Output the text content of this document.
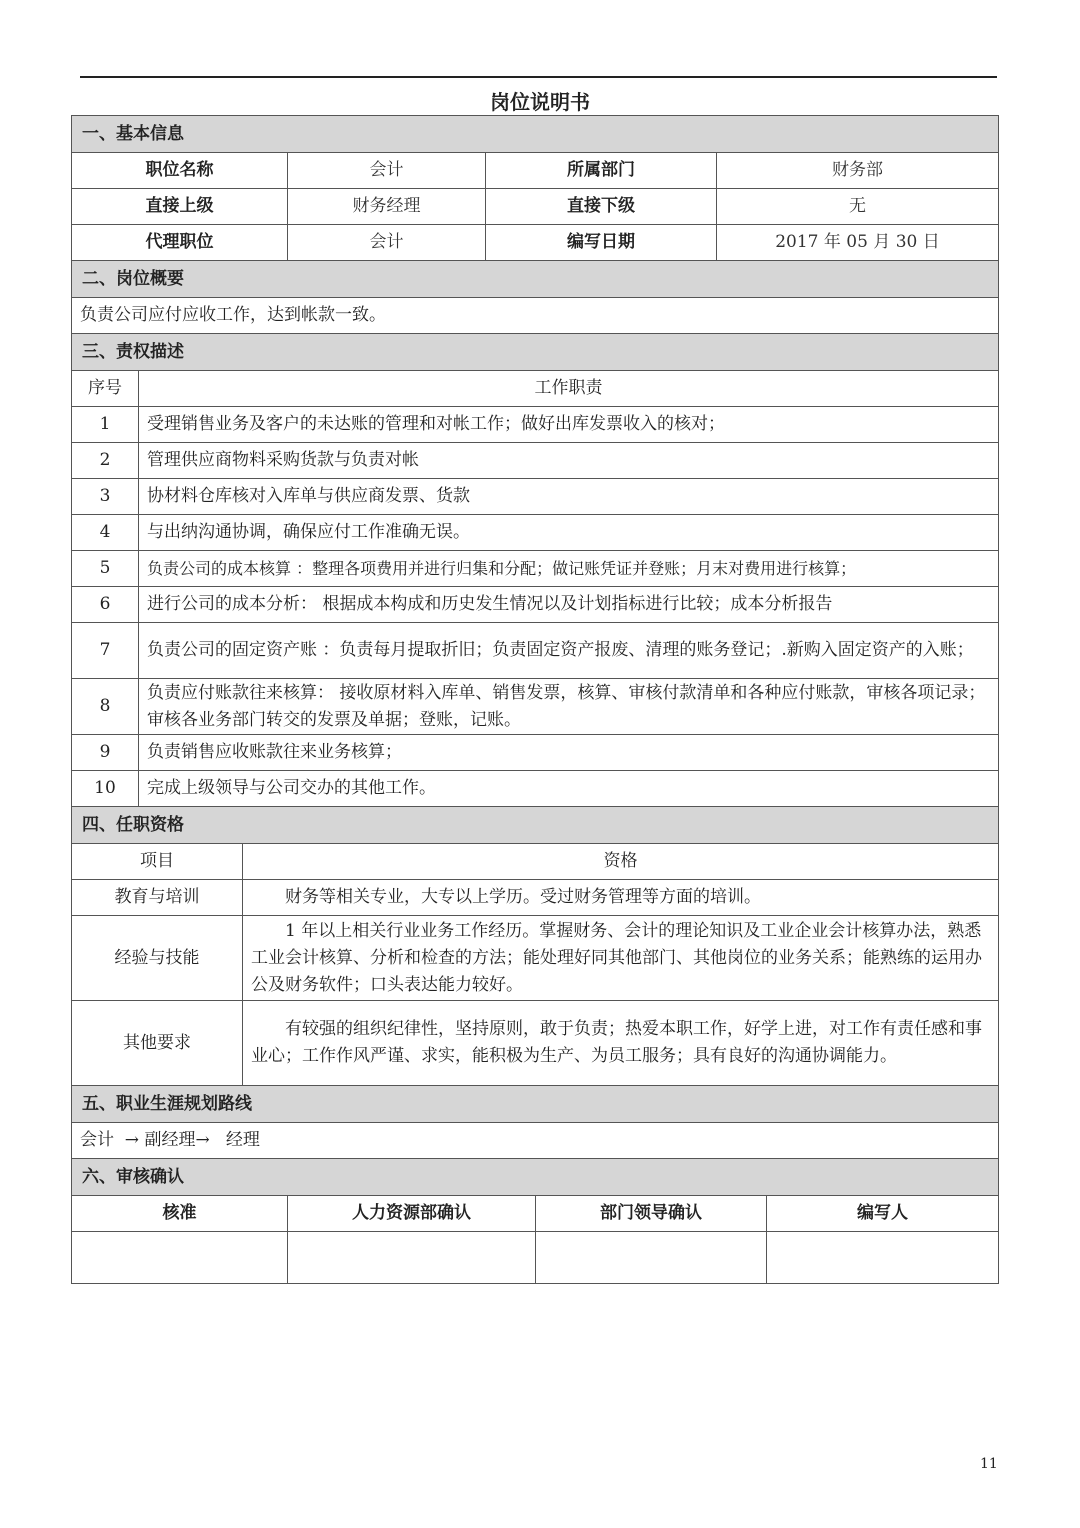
岗位说明书
一、基本信息							
职位名称			会计	所属部门		财务部	
直接上级			财务经理	直接下级		无	
代理职位			会计	编写日期		2017 年 05 月 30 日	
二、岗位概要							
负责公司应付应收工作，达到帐款一致。							
三、责权描述							
序号	工作职责						
1	受理销售业务及客户的未达账的管理和对帐工作；做好出库发票收入的核对；						
2	管理供应商物料采购货款与负责对帐						
3	协材料仓库核对入库单与供应商发票、货款						
4	与出纳沟通协调，确保应付工作准确无误。						
5	负责公司的成本核算 ：整理各项费用并进行归集和分配；做记账凭证并登账；月末对费用进行核算；						
6	进行公司的成本分析： 根据成本构成和历史发生情况以及计划指标进行比较；成本分析报告						
7	负责公司的固定资产账 ：负责每月提取折旧；负责固定资产报废、清理的账务登记；.新购入固定资产的入账；						
8	负责应付账款往来核算： 接收原材料入库单、销售发票，核算、审核付款清单和各种应付账款，审核各项记录； 审核各业务部门转交的发票及单据；登账，记账。						
9	负责销售应收账款往来业务核算；						
10	完成上级领导与公司交办的其他工作。						
四、任职资格							
项目		资格					
教育与培训		财务等相关专业，大专以上学历。受过财务管理等方面的培训。					
经验与技能		1 年以上相关行业业务工作经历。掌握财务、会计的理论知识及工业企业会计核算办法，熟悉工业会计核算、分析和检查的方法；能处理好同其他部门、其他岗位的业务关系；能熟练的运用办公及财务软件；口头表达能力较好。					
其他要求		有较强的组织纪律性，坚持原则，敢于负责；热爱本职工作，好学上进，对工作有责任感和事业心；工作作风严谨、求实，能积极为生产、为员工服务；具有良好的沟通协调能力。					
五、职业生涯规划路线							
会计  → 副经理→   经理							
六、审核确认							
核准			人力资源部确认		部门领导确认		编写人

11
